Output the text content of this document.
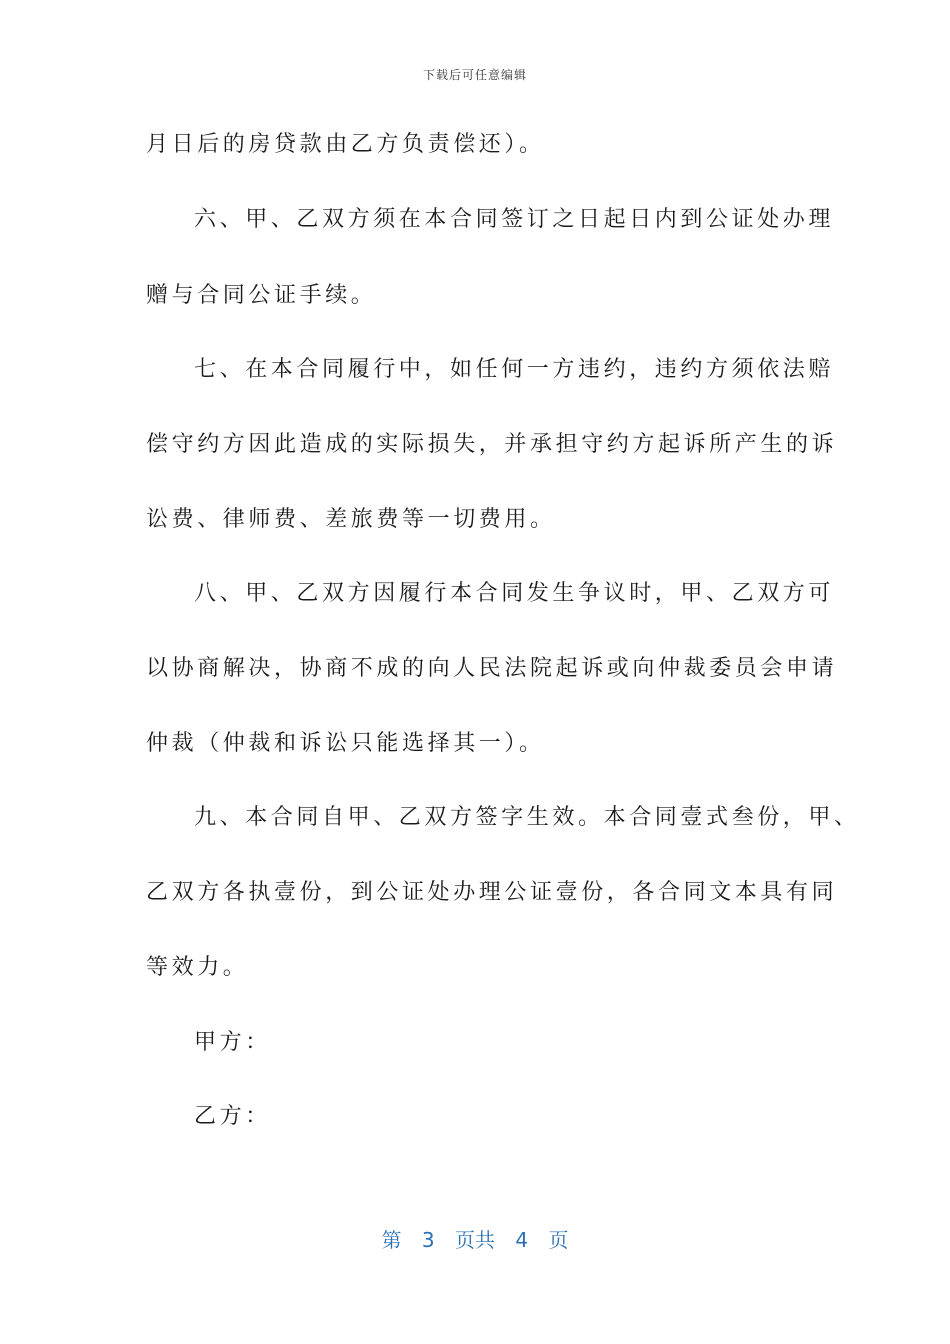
下载后可任意编辑
月日后的房贷款由乙方负责偿还）。
六、甲、乙双方须在本合同签订之日起日内到公证处办理
赠与合同公证手续。
七、在本合同履行中，如任何一方违约，违约方须依法赔
偿守约方因此造成的实际损失，并承担守约方起诉所产生的诉
讼费、律师费、差旅费等一切费用。
八、甲、乙双方因履行本合同发生争议时，甲、乙双方可
以协商解决，协商不成的向人民法院起诉或向仲裁委员会申请
仲裁（仲裁和诉讼只能选择其一）。
九、本合同自甲、乙双方签字生效。本合同壹式叁份，甲、
乙双方各执壹份，到公证处办理公证壹份，各合同文本具有同
等效力。
甲方：
乙方：
第 3 页共 4 页
